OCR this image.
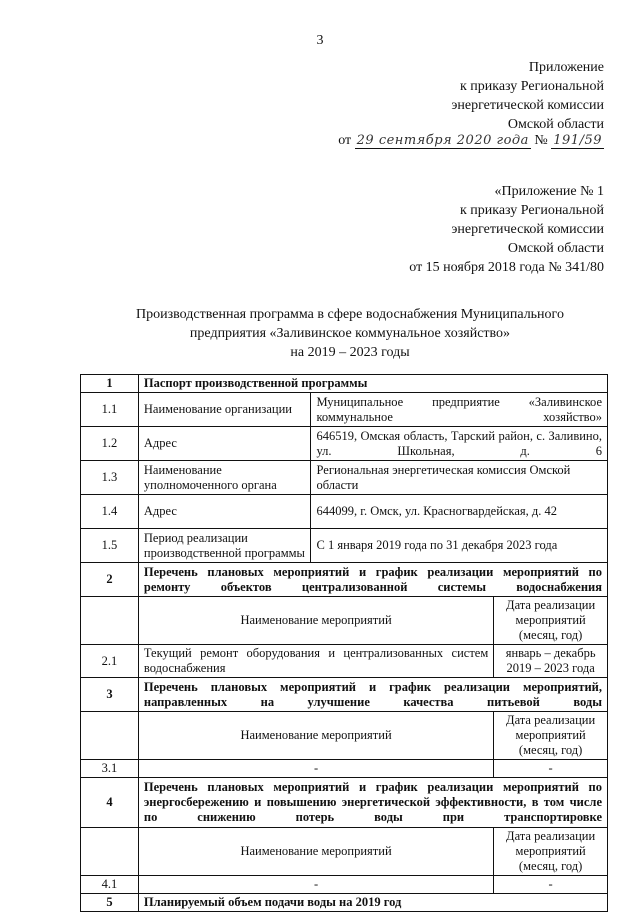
3
Приложение
к приказу Региональной
энергетической комиссии
Омской области
от 29 сентября 2020 года № 191/59
«Приложение № 1
к приказу Региональной
энергетической комиссии
Омской области
от 15 ноября 2018 года № 341/80
Производственная программа в сфере водоснабжения Муниципального
предприятия «Заливинское коммунальное хозяйство»
на 2019 – 2023 годы
1	Паспорт производственной программы		
1.1	Наименование организации	Муниципальное предприятие «Заливинское коммунальное хозяйство»	
1.2	Адрес	646519, Омская область, Тарский район, с. Заливино, ул. Школьная, д. 6	
1.3	Наименование уполномоченного органа	Региональная энергетическая комиссия Омской области	
1.4	Адрес	644099, г. Омск, ул. Красногвардейская, д. 42	
1.5	Период реализации производственной программы	С 1 января 2019 года по 31 декабря 2023 года	
2	Перечень плановых мероприятий и график реализации мероприятий по ремонту объектов централизованной системы водоснабжения		
	Наименование мероприятий		Дата реализации мероприятий (месяц, год)
2.1	Текущий ремонт оборудования и централизованных систем водоснабжения		январь – декабрь 2019 – 2023 года
3	Перечень плановых мероприятий и график реализации мероприятий, направленных на улучшение качества питьевой воды		
	Наименование мероприятий		Дата реализации мероприятий (месяц, год)
3.1	-		-
4	Перечень плановых мероприятий и график реализации мероприятий по энергосбережению и повышению энергетической эффективности, в том числе по снижению потерь воды при транспортировке		
	Наименование мероприятий		Дата реализации мероприятий (месяц, год)
4.1	-		-
5	Планируемый объем подачи воды на 2019 год		
